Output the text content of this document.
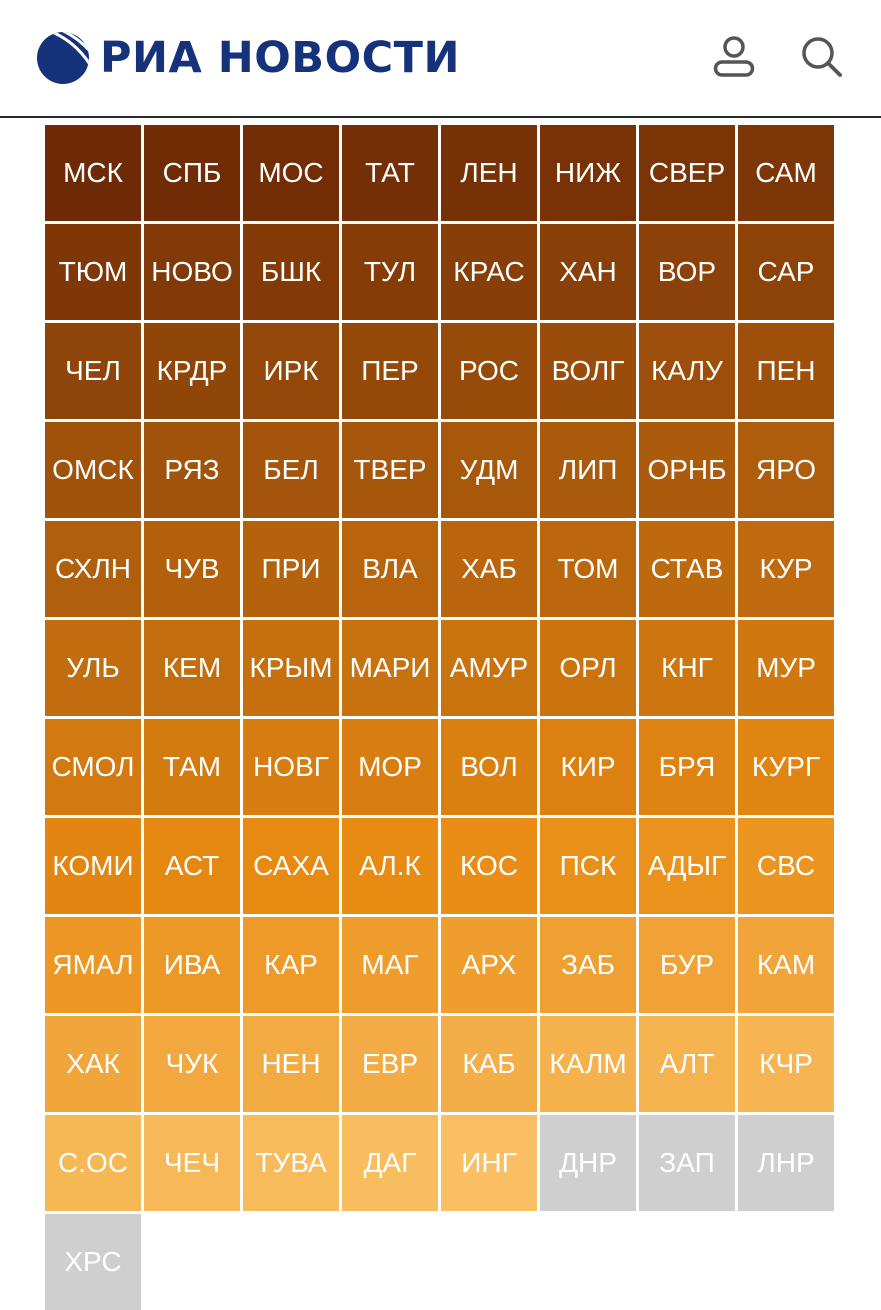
РИА НОВОСТИ
МСК СПБ МОС ТАТ ЛЕН НИЖ СВЕР САМ
ТЮМ НОВО БШК ТУЛ КРАС ХАН ВОР САР
ЧЕЛ КРДР ИРК ПЕР РОС ВОЛГ КАЛУ ПЕН
ОМСК РЯЗ БЕЛ ТВЕР УДМ ЛИП ОРНБ ЯРО
СХЛН ЧУВ ПРИ ВЛА ХАБ ТОМ СТАВ КУР
УЛЬ КЕМ КРЫМ МАРИ АМУР ОРЛ КНГ МУР
СМОЛ ТАМ НОВГ МОР ВОЛ КИР БРЯ КУРГ
КОМИ АСТ САХА АЛ.К КОС ПСК АДЫГ СВС
ЯМАЛ ИВА КАР МАГ АРХ ЗАБ БУР КАМ
ХАК ЧУК НЕН ЕВР КАБ КАЛМ АЛТ КЧР
С.ОС ЧЕЧ ТУВА ДАГ ИНГ ДНР ЗАП ЛНР
ХРС
